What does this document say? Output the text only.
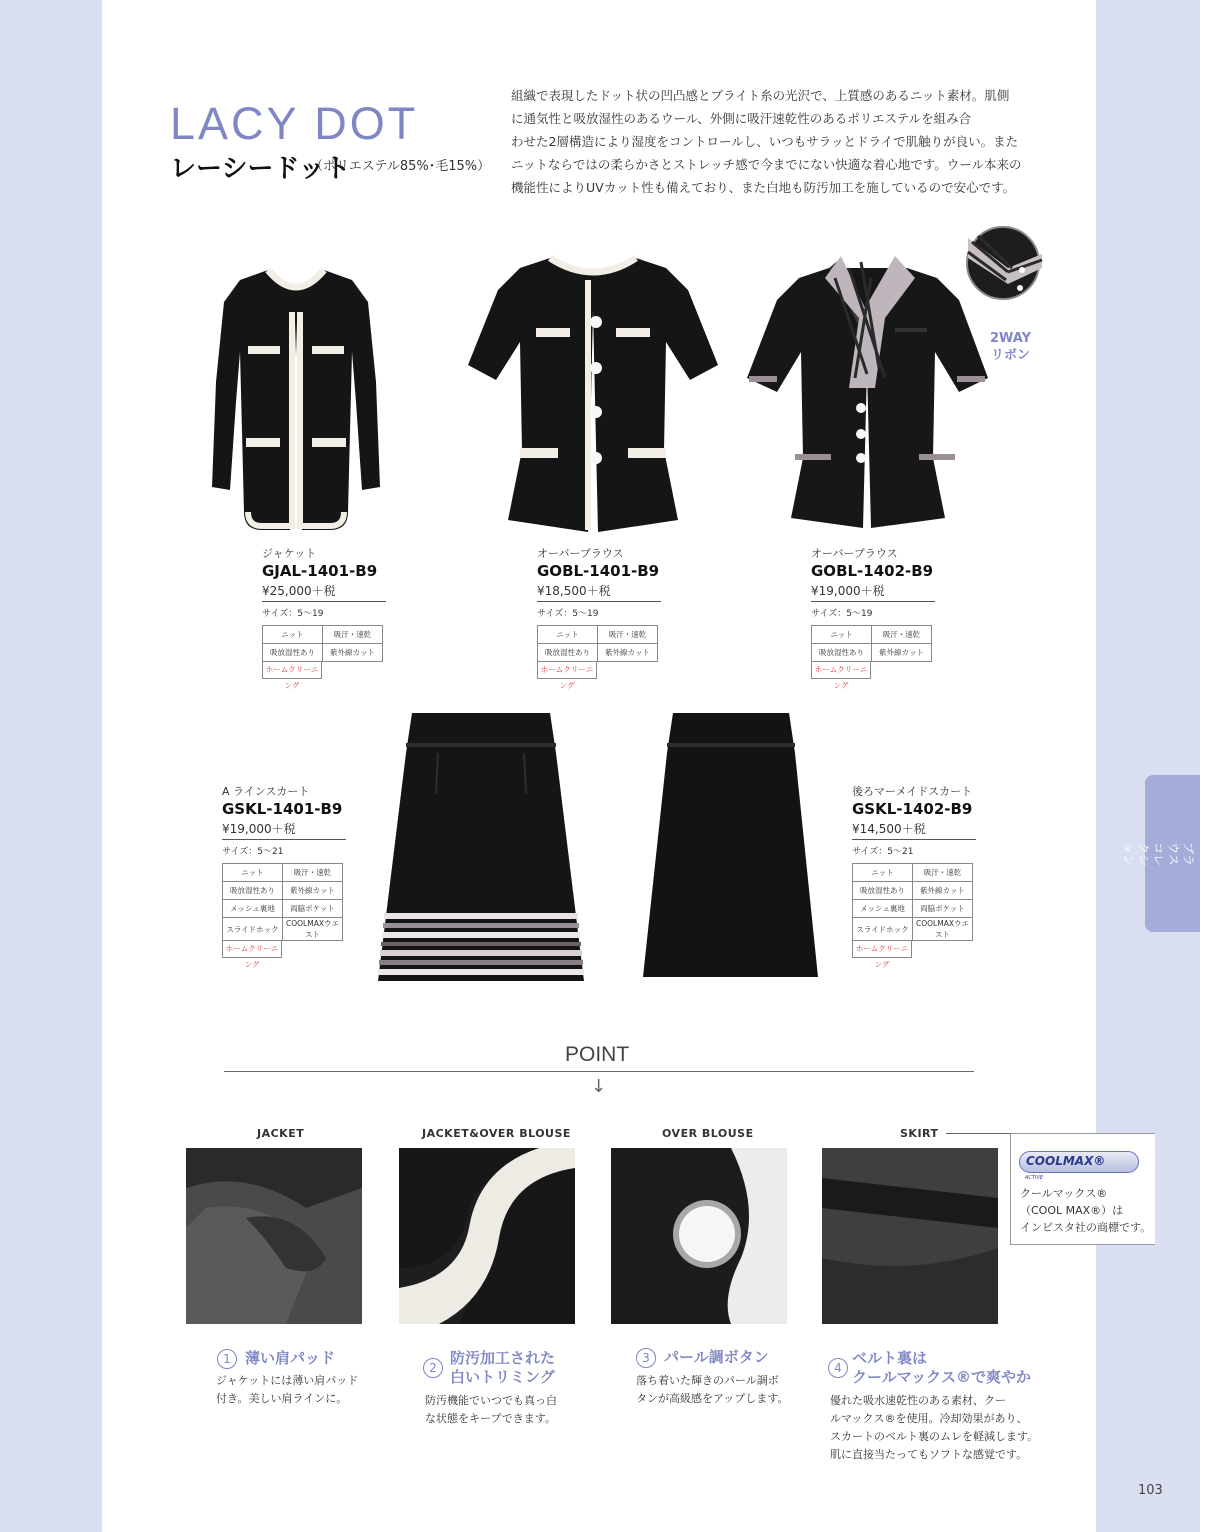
オーバーブラウス
コレクション
LACY DOT
レーシードット
（ポリエステル85%･毛15%）
組織で表現したドット状の凹凸感とブライト糸の光沢で、上質感のあるニット素材。肌側
に通気性と吸放湿性のあるウール、外側に吸汗速乾性のあるポリエステルを組み合
わせた2層構造により湿度をコントロールし、いつもサラッとドライで肌触りが良い。また
ニットならではの柔らかさとストレッチ感で今までにない快適な着心地です。ウール本来の
機能性によりUVカット性も備えており、また白地も防汚加工を施しているので安心です。
2WAY
リボン
ジャケット
GJAL-1401-B9
¥25,000＋税
サイズ：5～19
ニット	吸汗・速乾
吸放湿性あり	紫外線カット
ホームクリーニング
オーバーブラウス
GOBL-1401-B9
¥18,500＋税
サイズ：5～19
ニット	吸汗・速乾
吸放湿性あり	紫外線カット
ホームクリーニング
オーバーブラウス
GOBL-1402-B9
¥19,000＋税
サイズ：5～19
ニット	吸汗・速乾
吸放湿性あり	紫外線カット
ホームクリーニング
A ラインスカート
GSKL-1401-B9
¥19,000＋税
サイズ：5～21
ニット	吸汗・速乾
吸放湿性あり	紫外線カット
メッシュ裏地	両脇ポケット
スライドホック	COOLMAXウエスト
ホームクリーニング
後ろマーメイドスカート
GSKL-1402-B9
¥14,500＋税
サイズ：5～21
ニット	吸汗・速乾
吸放湿性あり	紫外線カット
メッシュ裏地	両脇ポケット
スライドホック	COOLMAXウエスト
ホームクリーニング
POINT
↓
JACKET	JACKET&OVER BLOUSE	OVER BLOUSE	SKIRT
1 薄い肩パッド
ジャケットには薄い肩パッド
付き。美しい肩ラインに。
2
防汚加工された
白いトリミング
防汚機能でいつでも真っ白
な状態をキープできます。
3 パール調ボタン
落ち着いた輝きのパール調ボ
タンが高級感をアップします。
4
ベルト裏は
クールマックス®で爽やか
優れた吸水速乾性のある素材、クー
ルマックス®を使用。冷却効果があり、
スカートのベルト裏のムレを軽減します。
肌に直接当たってもソフトな感覚です。
COOLMAX®
ACTIVE
クールマックス®
（COOL MAX®）は
インビスタ社の商標です。
103
